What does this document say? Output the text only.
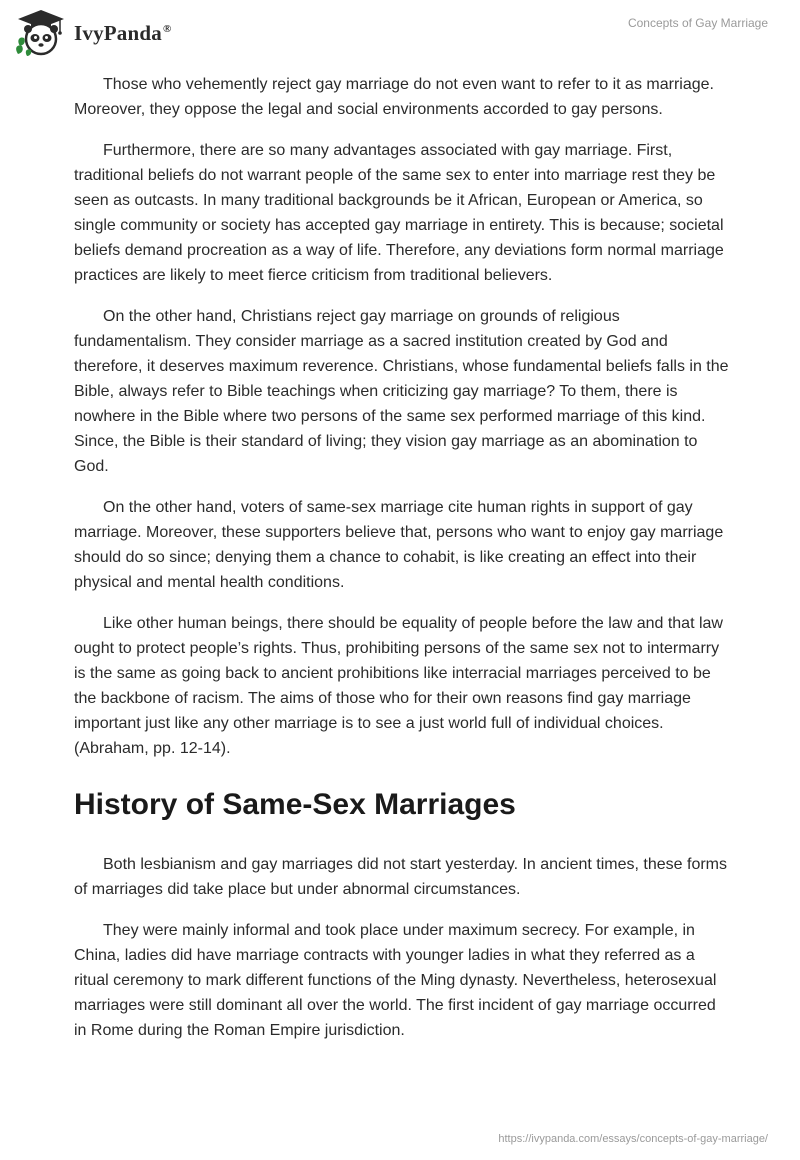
IvyPanda®	Concepts of Gay Marriage

Those who vehemently reject gay marriage do not even want to refer to it as marriage. Moreover, they oppose the legal and social environments accorded to gay persons.

Furthermore, there are so many advantages associated with gay marriage. First, traditional beliefs do not warrant people of the same sex to enter into marriage rest they be seen as outcasts. In many traditional backgrounds be it African, European or America, so single community or society has accepted gay marriage in entirety. This is because; societal beliefs demand procreation as a way of life. Therefore, any deviations form normal marriage practices are likely to meet fierce criticism from traditional believers.

On the other hand, Christians reject gay marriage on grounds of religious fundamentalism. They consider marriage as a sacred institution created by God and therefore, it deserves maximum reverence. Christians, whose fundamental beliefs falls in the Bible, always refer to Bible teachings when criticizing gay marriage? To them, there is nowhere in the Bible where two persons of the same sex performed marriage of this kind. Since, the Bible is their standard of living; they vision gay marriage as an abomination to God.

On the other hand, voters of same-sex marriage cite human rights in support of gay marriage. Moreover, these supporters believe that, persons who want to enjoy gay marriage should do so since; denying them a chance to cohabit, is like creating an effect into their physical and mental health conditions.

Like other human beings, there should be equality of people before the law and that law ought to protect people’s rights. Thus, prohibiting persons of the same sex not to intermarry is the same as going back to ancient prohibitions like interracial marriages perceived to be the backbone of racism. The aims of those who for their own reasons find gay marriage important just like any other marriage is to see a just world full of individual choices. (Abraham, pp. 12-14).

History of Same-Sex Marriages

Both lesbianism and gay marriages did not start yesterday. In ancient times, these forms of marriages did take place but under abnormal circumstances.

They were mainly informal and took place under maximum secrecy. For example, in China, ladies did have marriage contracts with younger ladies in what they referred as a ritual ceremony to mark different functions of the Ming dynasty. Nevertheless, heterosexual marriages were still dominant all over the world. The first incident of gay marriage occurred in Rome during the Roman Empire jurisdiction.

https://ivypanda.com/essays/concepts-of-gay-marriage/
